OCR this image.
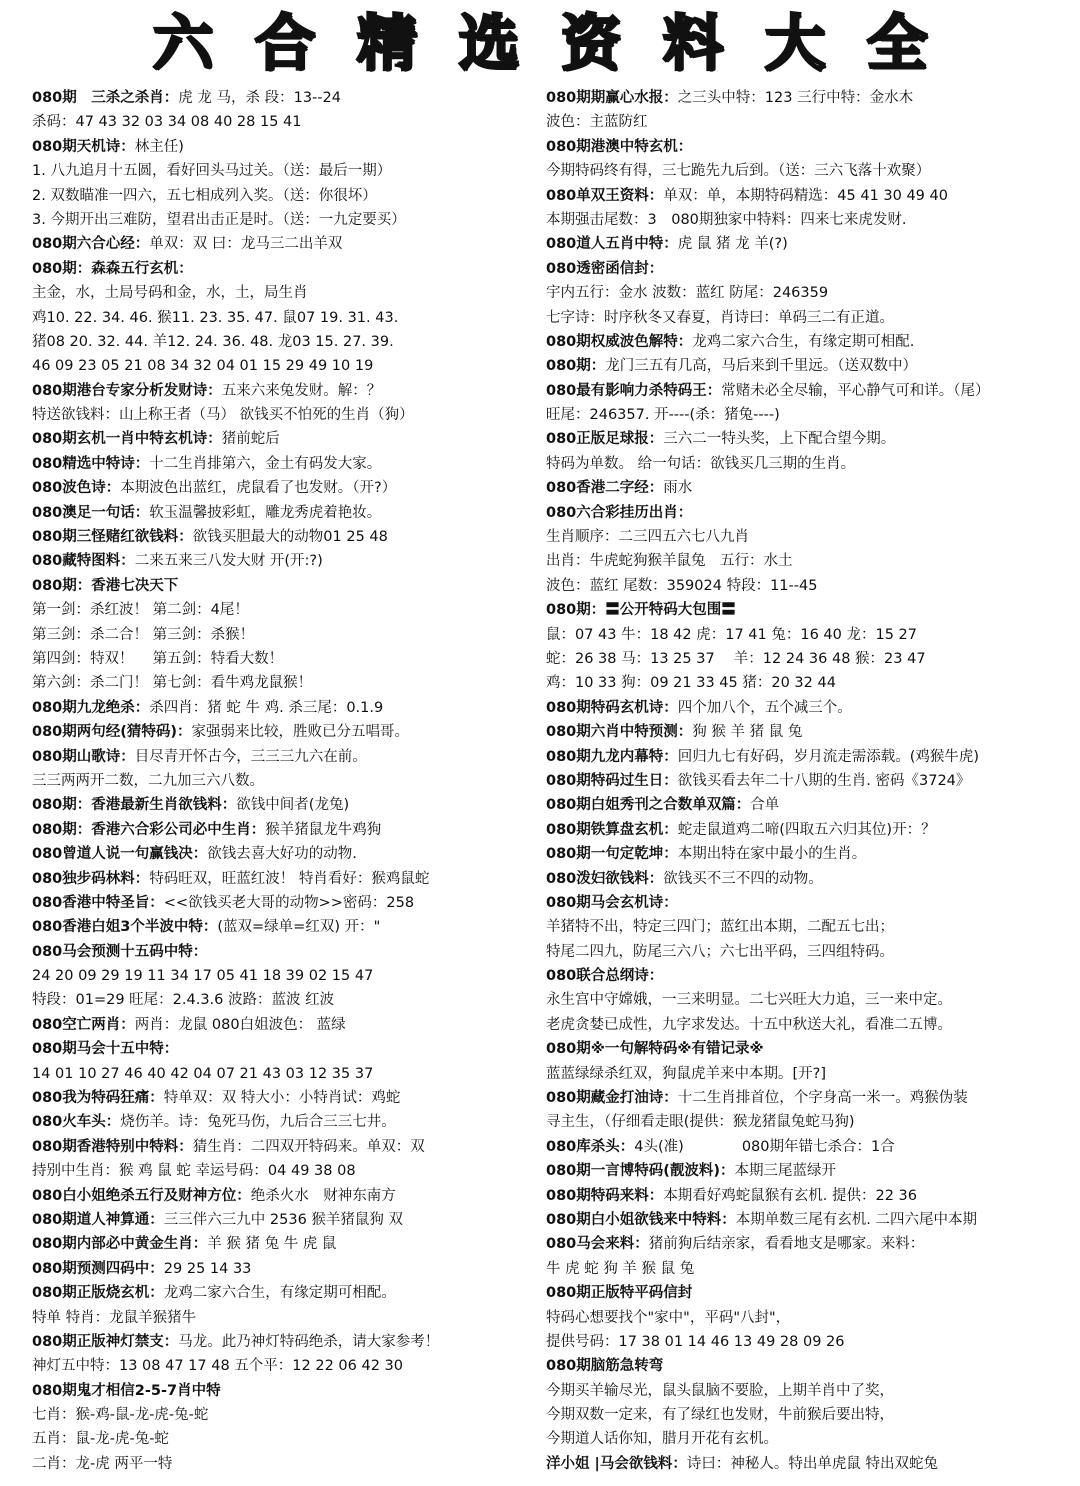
六 合 精 选 资 料 大 全
080期　三杀之杀肖：虎 龙 马，杀 段：13--24
杀码：47 43 32 03 34 08 40 28 15 41
080期天机诗：林主任)
1. 八九追月十五圆，看好回头马过关。（送：最后一期）
2. 双数瞄准一四六，五七相成列入奖。（送：你很坏）
3. 今期开出三难防，望君出击正是时。（送：一九定要买）
080期六合心经：单双：双 曰：龙马三二出羊双
080期：森森五行玄机：
主金，水，土局号码和金，水，土，局生肖
鸡10. 22. 34. 46. 猴11. 23. 35. 47. 鼠07 19. 31. 43.
猪08 20. 32. 44. 羊12. 24. 36. 48. 龙03 15. 27. 39.
46 09 23 05 21 08 34 32 04 01 15 29 49 10 19
080期港台专家分析发财诗：五来六来兔发财。解：？
特送欲钱料：山上称王者（马） 欲钱买不怕死的生肖（狗）
080期玄机一肖中特玄机诗：猪前蛇后
080精选中特诗：十二生肖排第六，金土有码发大家。
080波色诗：本期波色出蓝红，虎鼠看了也发财。（开?）
080澳足一句话：软玉温馨披彩虹，雕龙秀虎着艳妆。
080期三怪赌红欲钱料：欲钱买胆最大的动物01 25 48
080藏特图料：二来五来三八发大财 开(开:?)
080期：香港七决天下
第一剑：杀红波！ 第二剑：4尾！
第三剑：杀二合！ 第三剑：杀猴！
第四剑：特双！　 第五剑：特看大数！
第六剑：杀二门！ 第七剑：看牛鸡龙鼠猴！
080期九龙绝杀：杀四肖：猪 蛇 牛 鸡. 杀三尾：0.1.9
080期两句经(猜特码)：家强弱来比较，胜败已分五唱哥。
080期山歌诗：目尽青开怀古今，三三三九六在前。
三三两两开二数，二九加三六八数。
080期：香港最新生肖欲钱料：欲钱中间者(龙兔)
080期：香港六合彩公司必中生肖：猴羊猪鼠龙牛鸡狗
080曾道人说一句赢钱决：欲钱去喜大好功的动物.
080独步码林料：特码旺双，旺蓝红波！ 特肖看好：猴鸡鼠蛇
080香港中特圣旨：<<欲钱买老大哥的动物>>密码：258
080香港白姐3个半波中特：(蓝双=绿单=红双) 开："
080马会预测十五码中特：
24 20 09 29 19 11 34 17 05 41 18 39 02 15 47
特段：01=29 旺尾：2.4.3.6 波路：蓝波 红波
080空亡两肖：两肖：龙鼠 080白姐波色： 蓝绿
080期马会十五中特：
14 01 10 27 46 40 42 04 07 21 43 03 12 35 37
080我为特码狂痛：特单双：双 特大小：小特肖试：鸡蛇
080火车头：烧伤羊。诗：兔死马伤，九后合三三七井。
080期香港特别中特料：猜生肖：二四双开特码来。单双：双
持别中生肖：猴 鸡 鼠 蛇 幸运号码：04 49 38 08
080白小姐绝杀五行及财神方位：绝杀火水　财神东南方
080期道人神算通：三三伴六三九中 2536 猴羊猪鼠狗 双
080期内部必中黄金生肖：羊 猴 猪 兔 牛 虎 鼠
080期预测四码中：29 25 14 33
080期正版烧玄机：龙鸡二家六合生，有缘定期可相配。
特单 特肖：龙鼠羊猴猪牛
080期正版神灯禁支：马龙。此乃神灯特码绝杀，请大家参考！
神灯五中特：13 08 47 17 48 五个平：12 22 06 42 30
080期鬼才相信2-5-7肖中特
七肖：猴-鸡-鼠-龙-虎-兔-蛇
五肖：鼠-龙-虎-兔-蛇
二肖：龙-虎 两平一特
080期期赢心水报：之三头中特：123 三行中特：金水木
波色：主蓝防红
080期港澳中特玄机：
今期特码终有得，三七跪先九后到。（送：三六飞落十欢聚）
080单双王资料：单双：单，本期特码精选：45 41 30 49 40
本期强击尾数：3　080期独家中特料：四来七来虎发财.
080道人五肖中特：虎 鼠 猪 龙 羊(?)
080透密函信封：
宇内五行：金水 波数：蓝红 防尾：246359
七字诗：时序秋冬又春夏，肖诗曰：单码三二有正道。
080期权威波色解特：龙鸡二家六合生，有缘定期可相配.
080期：龙门三五有几高，马后来到千里远。（送双数中）
080最有影响力杀特码王：常赌未必全尽输，平心静气可和详。（尾）
旺尾：246357. 开----(杀：猪兔----)
080正版足球报：三六二一特头奖，上下配合望今期。
特码为单数。 给一句话：欲钱买几三期的生肖。
080香港二字经：雨水
080六合彩挂历出肖：
生肖顺序：二三四五六七八九肖
出肖：牛虎蛇狗猴羊鼠兔　五行：水土
波色：蓝红 尾数：359024 特段：11--45
080期：〓公开特码大包围〓
鼠：07 43 牛：18 42 虎：17 41 兔：16 40 龙：15 27
蛇：26 38 马：13 25 37 　羊：12 24 36 48 猴：23 47
鸡：10 33 狗：09 21 33 45 猪：20 32 44
080期特码玄机诗：四个加八个，五个减三个。
080期六肖中特预测：狗 猴 羊 猪 鼠 兔
080期九龙内幕特：回归九七有好码，岁月流走需添载。(鸡猴牛虎)
080期特码过生日：欲钱买看去年二十八期的生肖. 密码《3724》
080期白姐秀刊之合数单双篇：合单
080期铁算盘玄机：蛇走鼠道鸡二啼(四取五六归其位)开：？
080期一句定乾坤：本期出特在家中最小的生肖。
080泼妇欲钱料：欲钱买不三不四的动物。
080期马会玄机诗：
羊猪特不出，特定三四门；蓝红出本期，二配五七出；
特尾二四九，防尾三六八；六七出平码，三四组特码。
080联合总纲诗：
永生宫中守嫦娥，一三来明显。二七兴旺大力追，三一来中定。
老虎贪婪已成性，九字求发达。十五中秋送大礼，看准二五博。
080期※一句解特码※有错记录※
蓝蓝绿绿杀红双，狗鼠虎羊来中本期。[开?]
080期藏金打油诗：十二生肖排首位，个字身高一米一。鸡猴伪装
寻主生，（仔细看走眼(提供：猴龙猪鼠兔蛇马狗)
080库杀头：4头(准)　　　　080期年错七杀合：1合
080期一言博特码(靓波料)：本期三尾蓝绿开
080期特码来料：本期看好鸡蛇鼠猴有玄机. 提供：22 36
080期白小姐欲钱来中特料：本期单数三尾有玄机. 二四六尾中本期
080马会来料：猪前狗后结亲家，看看地支是哪家。来料：
牛 虎 蛇 狗 羊 猴 鼠 兔
080期正版特平码信封
特码心想要找个"家中"，平码"八封"，
提供号码：17 38 01 14 46 13 49 28 09 26
080期脑筋急转弯
今期买羊输尽光，鼠头鼠脑不要脸，上期羊肖中了奖，
今期双数一定来，有了绿红也发财，牛前猴后要出特，
今期道人话你知，腊月开花有玄机。
洋小姐 |马会欲钱料：诗曰：神秘人。特出单虎鼠 特出双蛇兔
